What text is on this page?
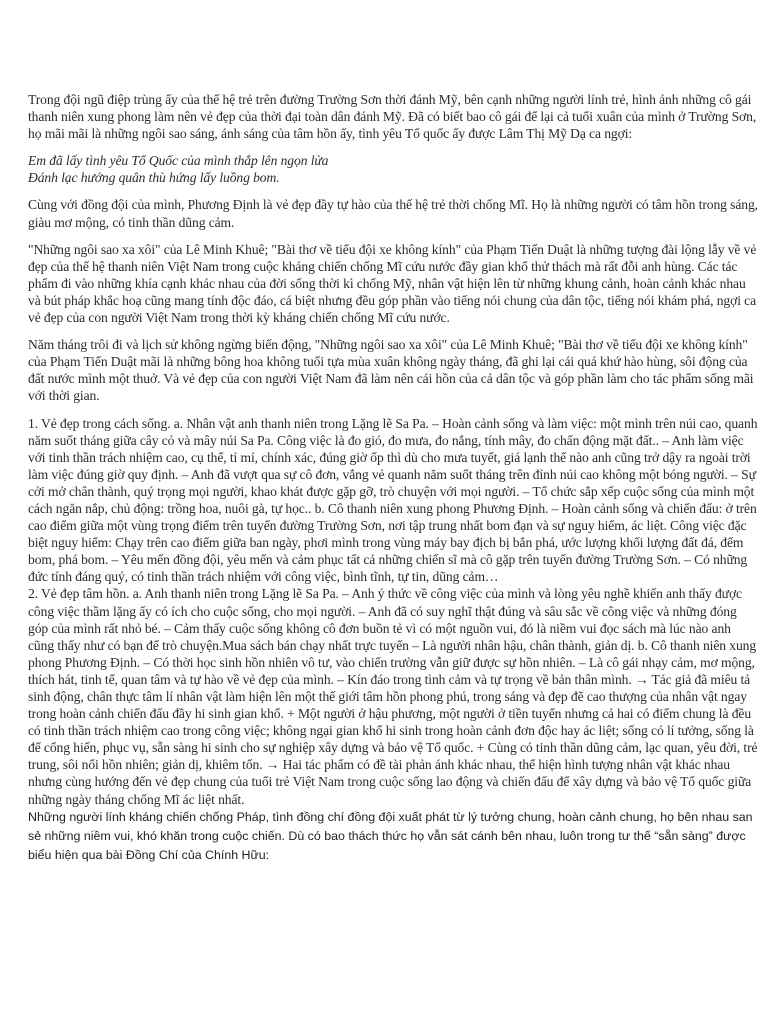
Trong đội ngũ điệp trùng ấy của thế hệ trẻ trên đường Trường Sơn thời đánh Mỹ, bên cạnh những người lính trẻ, hình ảnh những cô gái thanh niên xung phong làm nên vẻ đẹp của thời đại toàn dân đánh Mỹ. Đã có biết bao cô gái để lại cả tuổi xuân của mình ở Trường Sơn, họ mãi mãi là những ngôi sao sáng, ánh sáng của tâm hồn ấy, tình yêu Tổ quốc ấy được Lâm Thị Mỹ Dạ ca ngợi:

Em đã lấy tình yêu Tổ Quốc của mình thắp lên ngọn lửa
Đánh lạc hướng quân thù hứng lấy luồng bom.

Cùng với đồng đội của mình, Phương Định là vẻ đẹp đầy tự hào của thế hệ trẻ thời chống Mĩ. Họ là những người có tâm hồn trong sáng, giàu mơ mộng, có tinh thần dũng cảm.

"Những ngôi sao xa xôi" của Lê Minh Khuê; "Bài thơ về tiểu đội xe không kính" của Phạm Tiến Duật là những tượng đài lộng lẫy về vẻ đẹp của thế hệ thanh niên Việt Nam trong cuộc kháng chiến chống Mĩ cứu nước đầy gian khổ thử thách mà rất đỗi anh hùng. Các tác phẩm đi vào những khía cạnh khác nhau của đời sống thời kì chống Mỹ, nhân vật hiện lên từ những khung cảnh, hoàn cảnh khác nhau và bút pháp khắc hoạ cũng mang tính độc đáo, cá biệt nhưng đều góp phần vào tiếng nói chung của dân tộc, tiếng nói khám phá, ngợi ca vẻ đẹp của con người Việt Nam trong thời kỳ kháng chiến chống Mĩ cứu nước.

Năm tháng trôi đi và lịch sử không ngừng biến động, "Những ngôi sao xa xôi" của Lê Minh Khuê; "Bài thơ về tiểu đội xe không kính" của Phạm Tiến Duật mãi là những bông hoa không tuổi tựa mùa xuân không ngày tháng, đã ghi lại cái quá khứ hào hùng, sôi động của đất nước mình một thuở. Và vẻ đẹp của con người Việt Nam đã làm nên cái hồn của cả dân tộc và góp phần làm cho tác phẩm sống mãi với thời gian.

1. Vẻ đẹp trong cách sống. a. Nhân vật anh thanh niên trong Lặng lẽ Sa Pa. – Hoàn cảnh sống và làm việc: một mình trên núi cao, quanh năm suốt tháng giữa cây cỏ và mây núi Sa Pa. Công việc là đo gió, đo mưa, đo nắng, tính mây, đo chấn động mặt đất.. – Anh làm việc với tinh thần trách nhiệm cao, cụ thể, tỉ mỉ, chính xác, đúng giờ ốp thì dù cho mưa tuyết, giá lạnh thế nào anh cũng trở dậy ra ngoài trời làm việc đúng giờ quy định. – Anh đã vượt qua sự cô đơn, vắng vẻ quanh năm suốt tháng trên đỉnh núi cao không một bóng người. – Sự cởi mở chân thành, quý trọng mọi người, khao khát được gặp gỡ, trò chuyện với mọi người. – Tổ chức sắp xếp cuộc sống của mình một cách ngăn nắp, chủ động: trồng hoa, nuôi gà, tự học.. b. Cô thanh niên xung phong Phương Định. – Hoàn cảnh sống và chiến đấu: ở trên cao điểm giữa một vùng trọng điểm trên tuyến đường Trường Sơn, nơi tập trung nhất bom đạn và sự nguy hiểm, ác liệt. Công việc đặc biệt nguy hiểm: Chạy trên cao điểm giữa ban ngày, phơi mình trong vùng máy bay địch bị bắn phá, ước lượng khối lượng đất đá, đếm bom, phá bom. – Yêu mến đồng đội, yêu mến và cảm phục tất cả những chiến sĩ mà cô gặp trên tuyến đường Trường Sơn. – Có những đức tính đáng quý, có tinh thần trách nhiệm với công việc, bình tĩnh, tự tin, dũng cảm…

2. Vẻ đẹp tâm hồn. a. Anh thanh niên trong Lặng lẽ Sa Pa. – Anh ý thức về công việc của mình và lòng yêu nghề khiến anh thấy được công việc thầm lặng ấy có ích cho cuộc sống, cho mọi người. – Anh đã có suy nghĩ thật đúng và sâu sắc về công việc và những đóng góp của mình rất nhỏ bé. – Cảm thấy cuộc sống không cô đơn buồn tẻ vì có một nguồn vui, đó là niềm vui đọc sách mà lúc nào anh cũng thấy như có bạn để trò chuyện.Mua sách bán chạy nhất trực tuyến – Là người nhân hậu, chân thành, giản dị. b. Cô thanh niên xung phong Phương Định. – Có thời học sinh hồn nhiên vô tư, vào chiến trường vẫn giữ được sự hồn nhiên. – Là cô gái nhạy cảm, mơ mộng, thích hát, tinh tế, quan tâm và tự hào về vẻ đẹp của mình. – Kín đáo trong tình cảm và tự trọng về bản thân mình. → Tác giả đã miêu tả sinh động, chân thực tâm lí nhân vật làm hiện lên một thế giới tâm hồn phong phú, trong sáng và đẹp đẽ cao thượng của nhân vật ngay trong hoàn cảnh chiến đấu đầy hi sinh gian khổ. + Một người ở hậu phương, một người ở tiền tuyến nhưng cả hai có điểm chung là đều có tinh thần trách nhiệm cao trong công việc; không ngại gian khổ hi sinh trong hoàn cảnh đơn độc hay ác liệt; sống có lí tưởng, sống là để cống hiến, phục vụ, sẵn sàng hi sinh cho sự nghiệp xây dựng và bảo vệ Tổ quốc. + Cùng có tinh thần dũng cảm, lạc quan, yêu đời, trẻ trung, sôi nổi hồn nhiên; giản dị, khiêm tốn. → Hai tác phẩm có đề tài phản ánh khác nhau, thể hiện hình tượng nhân vật khác nhau nhưng cùng hướng đến vẻ đẹp chung của tuổi trẻ Việt Nam trong cuộc sống lao động và chiến đấu để xây dựng và bảo vệ Tổ quốc giữa những ngày tháng chống Mĩ ác liệt nhất.

Những người lính kháng chiến chống Pháp, tình đồng chí đồng đội xuất phát từ lý tưởng chung, hoàn cảnh chung, họ bên nhau san sẻ những niềm vui, khó khăn trong cuộc chiến. Dù có bao thách thức họ vẫn sát cánh bên nhau, luôn trong tư thế “sẵn sàng” được biểu hiện qua bài Đồng Chí của Chính Hữu:
